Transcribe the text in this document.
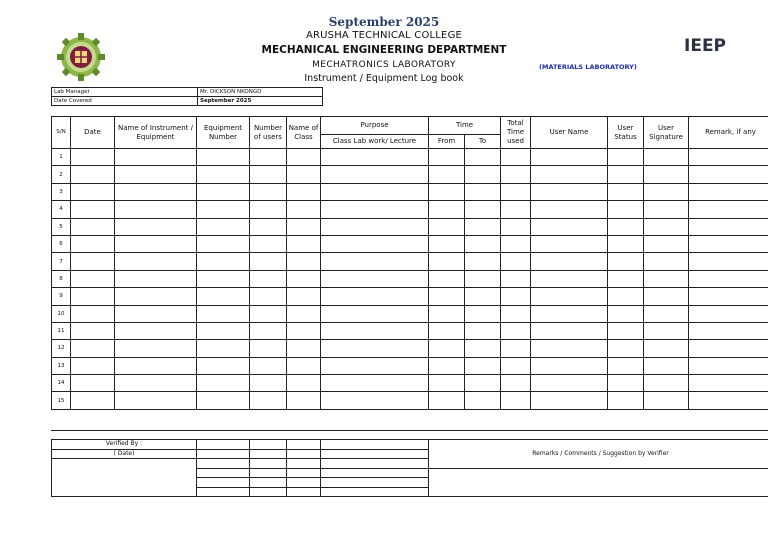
September 2025
ARUSHA TECHNICAL COLLEGE
MECHANICAL ENGINEERING DEPARTMENT
MECHATRONICS LABORATORY
Instrument / Equipment Log book
(MATERIALS LABORATORY)
IEEP
Lab Manager	Mr. DICKSON NKONGO
Date Covered	September 2025
S/N	Date	Name of Instrument / Equipment	Equipment Number	Number of users	Name of Class	Purpose	Time		Total Time used	User Name	User Status	User Signature	Remark, if any
						Class Lab work/ Lecture	From	To					
1													
2													
3													
4													
5													
6													
7													
8													
9													
10													
11													
12													
13													
14													
15													
Verified By :					Remarks / Comments / Suggestion by Verifier
( Date)					
